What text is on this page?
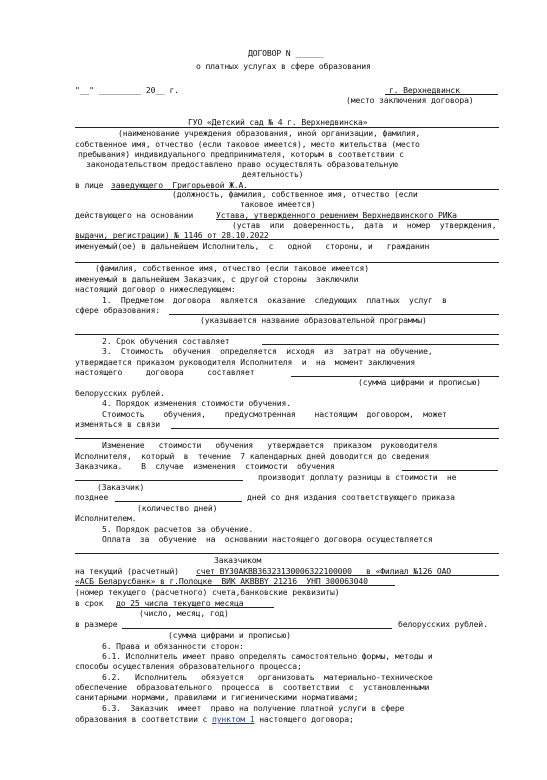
ДОГОВОР N ______
о платных услугах в сфере образования
"__" _________ 20__ г.	г. Верхнедвинск
(место заключения договора)
ГУО «Детский сад № 4 г. Верхнедвинска»
(наименование учреждения образования, иной организации, фамилия,
собственное имя, отчество (если таковое имеется), место жительства (место
пребывания) индивидуального предпринимателя, которым в соответствии с
законодательством предоставлено право осуществлять образовательную
деятельность)
в лице заведующего  Григорьевой Ж.А.
(должность, фамилия, собственное имя, отчество (если
таковое имеется)
действующего на основании Устава, утвержденного решением Верхнедвинского РИКа
(устав  или  доверенность,  дата  и  номер  утверждения,
выдачи, регистрации) № 1146 от 28.10.2022
именуемый(ое) в дальнейшем Исполнитель,  с   одной   стороны, и   гражданин
(фамилия, собственное имя, отчество (если таковое имеется)
именуемый в дальнейшем Заказчик, с другой стороны  заключили
настоящий договор о нижеследующем:
1.  Предметом  договора  является  оказание  следующих  платных  услуг  в
сфере образования:
(указывается название образовательной программы)
2. Срок обучения составляет
3.  Стоимость  обучения  определяется  исходя  из  затрат на обучение,
утверждается приказом руководителя Исполнителя  и  на  момент заключения
настоящего     договора     составляет
(сумма цифрами и прописью)
белорусских рублей.
4. Порядок изменения стоимости обучения.
Стоимость    обучения,    предусмотренная    настоящим  договором,  может
изменяться в связи
Изменение   стоимости   обучения   утверждается  приказом  руководителя
Исполнителя,  который  в  течение  7 календарных дней доводится до сведения
Заказчика.    В  случае  изменения  стоимости  обучения
производит доплату разницы в стоимости  не
(Заказчик)
позднее	дней со дня издания соответствующего приказа
(количество дней)
Исполнителем.
5. Порядок расчетов за обучение.
Оплата  за  обучение  на  основании настоящего договора осуществляется
Заказчиком
на текущий (расчетный) счет BY30AKBB36323130006322100000   в «Филиал №126 ОАО
«АСБ Беларусбанк» в г.Полоцке  BИК AKBBBY 21216  УНП 300063040
(номер текущего (расчетного) счета,банковские реквизиты)
в срок до 25 числа текущего месяца
(число, месяц, год)
в размере	белорусских рублей.
(сумма цифрами и прописью)
6. Права и обязанности сторон:
6.1. Исполнитель имеет право определять самостоятельно формы, методы и
способы осуществления образовательного процесса;
6.2.   Исполнитель   обязуется   организовать  материально-техническое
обеспечение  образовательного  процесса  в  соответствии  с  установленными
санитарными нормами, правилами и гигиеническими нормативами;
6.3.  Заказчик  имеет  право на получение платной услуги в сфере
образования в соответствии с пунктом 1 настоящего договора;
